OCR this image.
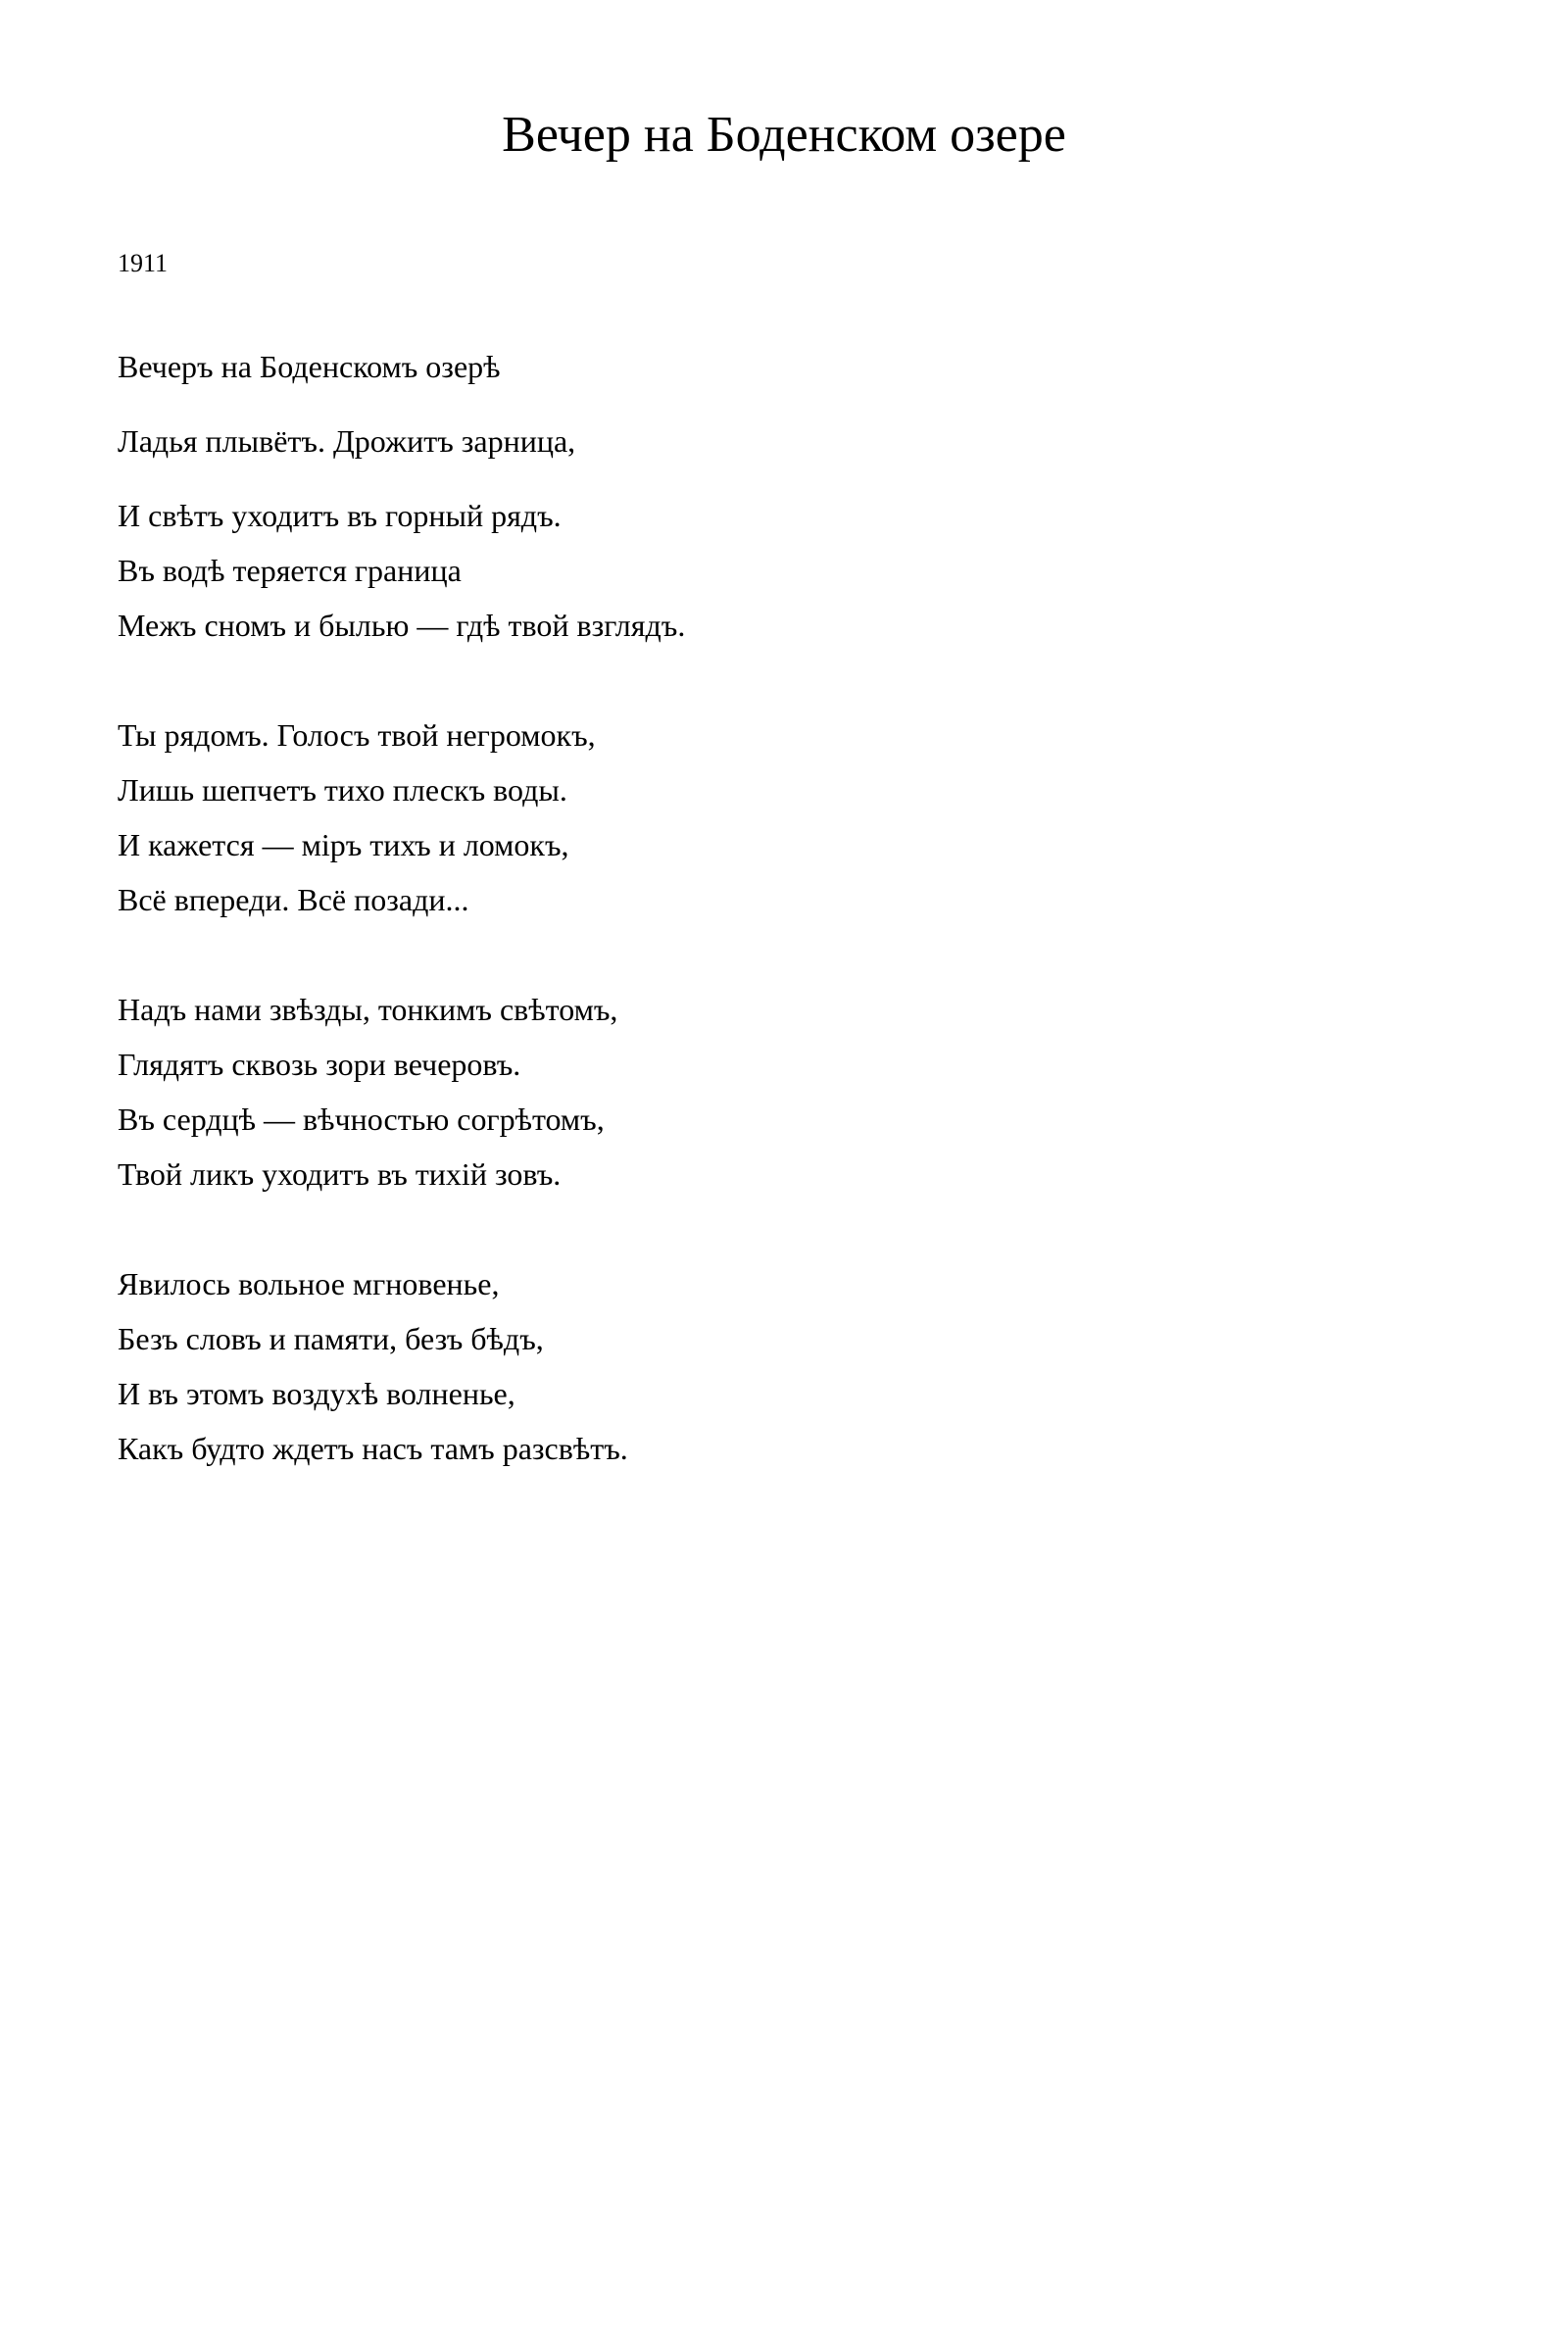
Вечер на Боденском озере

1911

Вечеръ на Боденскомъ озерѣ
Ладья плывётъ. Дрожитъ зарница,
И свѣтъ уходитъ въ горный рядъ.
Въ водѣ теряется граница
Межъ сномъ и былью — гдѣ твой взглядъ.
Ты рядомъ. Голосъ твой негромокъ,
Лишь шепчетъ тихо плескъ воды.
И кажется — міръ тихъ и ломокъ,
Всё впереди. Всё позади...
Надъ нами звѣзды, тонкимъ свѣтомъ,
Глядятъ сквозь зори вечеровъ.
Въ сердцѣ — вѣчностью согрѣтомъ,
Твой ликъ уходитъ въ тихій зовъ.
Явилось вольное мгновенье,
Безъ словъ и памяти, безъ бѣдъ,
И въ этомъ воздухѣ волненье,
Какъ будто ждетъ насъ тамъ разсвѣтъ.
